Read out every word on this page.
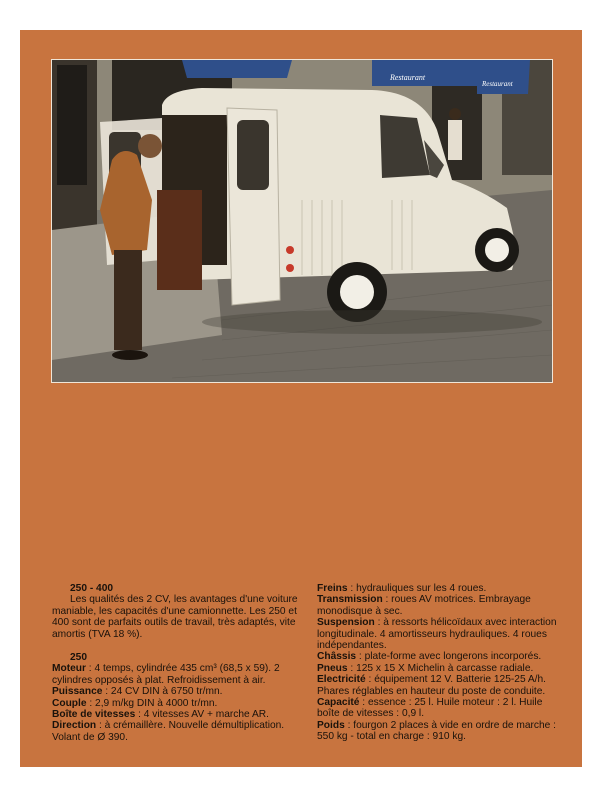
Restaurant
Restaurant
250 - 400

Les qualités des 2 CV, les avantages d'une voiture maniable, les capacités d'une camionnette. Les 250 et 400 sont de parfaits outils de travail, très adaptés, vite amortis (TVA 18 %).

250

Moteur : 4 temps, cylindrée 435 cm³ (68,5 x 59). 2 cylindres opposés à plat. Refroidissement à air.

Puissance : 24 CV DIN à 6750 tr/mn.

Couple : 2,9 m/kg DIN à 4000 tr/mn.

Boîte de vitesses : 4 vitesses AV + marche AR.

Direction : à crémaillère. Nouvelle démultiplication. Volant de Ø 390.

Freins : hydrauliques sur les 4 roues.

Transmission : roues AV motrices. Embrayage monodisque à sec.

Suspension : à ressorts hélicoïdaux avec interaction longitudinale. 4 amortisseurs hydrauliques. 4 roues indépendantes.

Châssis : plate-forme avec longerons incorporés.

Pneus : 125 x 15 X Michelin à carcasse radiale.

Electricité : équipement 12 V. Batterie 125-25 A/h. Phares réglables en hauteur du poste de conduite.

Capacité : essence : 25 l. Huile moteur : 2 l. Huile boîte de vitesses : 0,9 l.

Poids : fourgon 2 places à vide en ordre de marche : 550 kg - total en charge : 910 kg.
